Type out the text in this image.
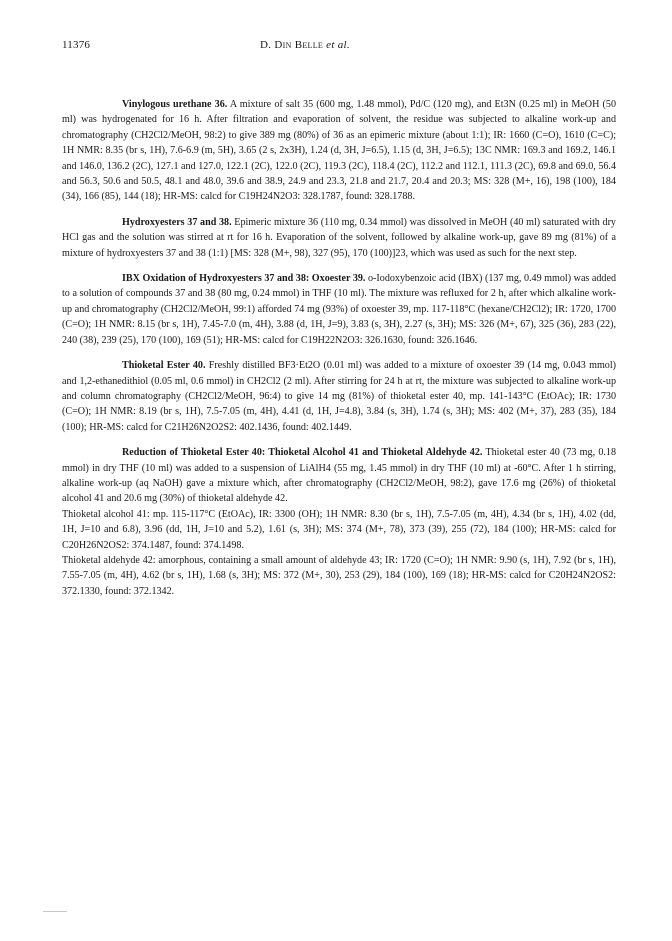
11376	D. Din Belle et al.

Vinylogous urethane 36. A mixture of salt 35 (600 mg, 1.48 mmol), Pd/C (120 mg), and Et3N (0.25 ml) in MeOH (50 ml) was hydrogenated for 16 h. After filtration and evaporation of solvent, the residue was subjected to alkaline work-up and chromatography (CH2Cl2/MeOH, 98:2) to give 389 mg (80%) of 36 as an epimeric mixture (about 1:1); IR: 1660 (C=O), 1610 (C=C); 1H NMR: 8.35 (br s, 1H), 7.6-6.9 (m, 5H), 3.65 (2 s, 2x3H), 1.24 (d, 3H, J=6.5), 1.15 (d, 3H, J=6.5); 13C NMR: 169.3 and 169.2, 146.1 and 146.0, 136.2 (2C), 127.1 and 127.0, 122.1 (2C), 122.0 (2C), 119.3 (2C), 118.4 (2C), 112.2 and 112.1, 111.3 (2C), 69.8 and 69.0, 56.4 and 56.3, 50.6 and 50.5, 48.1 and 48.0, 39.6 and 38.9, 24.9 and 23.3, 21.8 and 21.7, 20.4 and 20.3; MS: 328 (M+, 16), 198 (100), 184 (34), 166 (85), 144 (18); HR-MS: calcd for C19H24N2O3: 328.1787, found: 328.1788.

Hydroxyesters 37 and 38. Epimeric mixture 36 (110 mg, 0.34 mmol) was dissolved in MeOH (40 ml) saturated with dry HCl gas and the solution was stirred at rt for 16 h. Evaporation of the solvent, followed by alkaline work-up, gave 89 mg (81%) of a mixture of hydroxyesters 37 and 38 (1:1) [MS: 328 (M+, 98), 327 (95), 170 (100)]23, which was used as such for the next step.

IBX Oxidation of Hydroxyesters 37 and 38: Oxoester 39. o-Iodoxybenzoic acid (IBX) (137 mg, 0.49 mmol) was added to a solution of compounds 37 and 38 (80 mg, 0.24 mmol) in THF (10 ml). The mixture was refluxed for 2 h, after which alkaline work-up and chromatography (CH2Cl2/MeOH, 99:1) afforded 74 mg (93%) of oxoester 39, mp. 117-118°C (hexane/CH2Cl2); IR: 1720, 1700 (C=O); 1H NMR: 8.15 (br s, 1H), 7.45-7.0 (m, 4H), 3.88 (d, 1H, J=9), 3.83 (s, 3H), 2.27 (s, 3H); MS: 326 (M+, 67), 325 (36), 283 (22), 240 (38), 239 (25), 170 (100), 169 (51); HR-MS: calcd for C19H22N2O3: 326.1630, found: 326.1646.

Thioketal Ester 40. Freshly distilled BF3·Et2O (0.01 ml) was added to a mixture of oxoester 39 (14 mg, 0.043 mmol) and 1,2-ethanedithiol (0.05 ml, 0.6 mmol) in CH2Cl2 (2 ml). After stirring for 24 h at rt, the mixture was subjected to alkaline work-up and column chromatography (CH2Cl2/MeOH, 96:4) to give 14 mg (81%) of thioketal ester 40, mp. 141-143°C (EtOAc); IR: 1730 (C=O); 1H NMR: 8.19 (br s, 1H), 7.5-7.05 (m, 4H), 4.41 (d, 1H, J=4.8), 3.84 (s, 3H), 1.74 (s, 3H); MS: 402 (M+, 37), 283 (35), 184 (100); HR-MS: calcd for C21H26N2O2S2: 402.1436, found: 402.1449.

Reduction of Thioketal Ester 40: Thioketal Alcohol 41 and Thioketal Aldehyde 42. Thioketal ester 40 (73 mg, 0.18 mmol) in dry THF (10 ml) was added to a suspension of LiAlH4 (55 mg, 1.45 mmol) in dry THF (10 ml) at -60°C. After 1 h stirring, alkaline work-up (aq NaOH) gave a mixture which, after chromatography (CH2Cl2/MeOH, 98:2), gave 17.6 mg (26%) of thioketal alcohol 41 and 20.6 mg (30%) of thioketal aldehyde 42.

Thioketal alcohol 41: mp. 115-117°C (EtOAc), IR: 3300 (OH); 1H NMR: 8.30 (br s, 1H), 7.5-7.05 (m, 4H), 4.34 (br s, 1H), 4.02 (dd, 1H, J=10 and 6.8), 3.96 (dd, 1H, J=10 and 5.2), 1.61 (s, 3H); MS: 374 (M+, 78), 373 (39), 255 (72), 184 (100); HR-MS: calcd for C20H26N2OS2: 374.1487, found: 374.1498.

Thioketal aldehyde 42: amorphous, containing a small amount of aldehyde 43; IR: 1720 (C=O); 1H NMR: 9.90 (s, 1H), 7.92 (br s, 1H), 7.55-7.05 (m, 4H), 4.62 (br s, 1H), 1.68 (s, 3H); MS: 372 (M+, 30), 253 (29), 184 (100), 169 (18); HR-MS: calcd for C20H24N2OS2: 372.1330, found: 372.1342.
